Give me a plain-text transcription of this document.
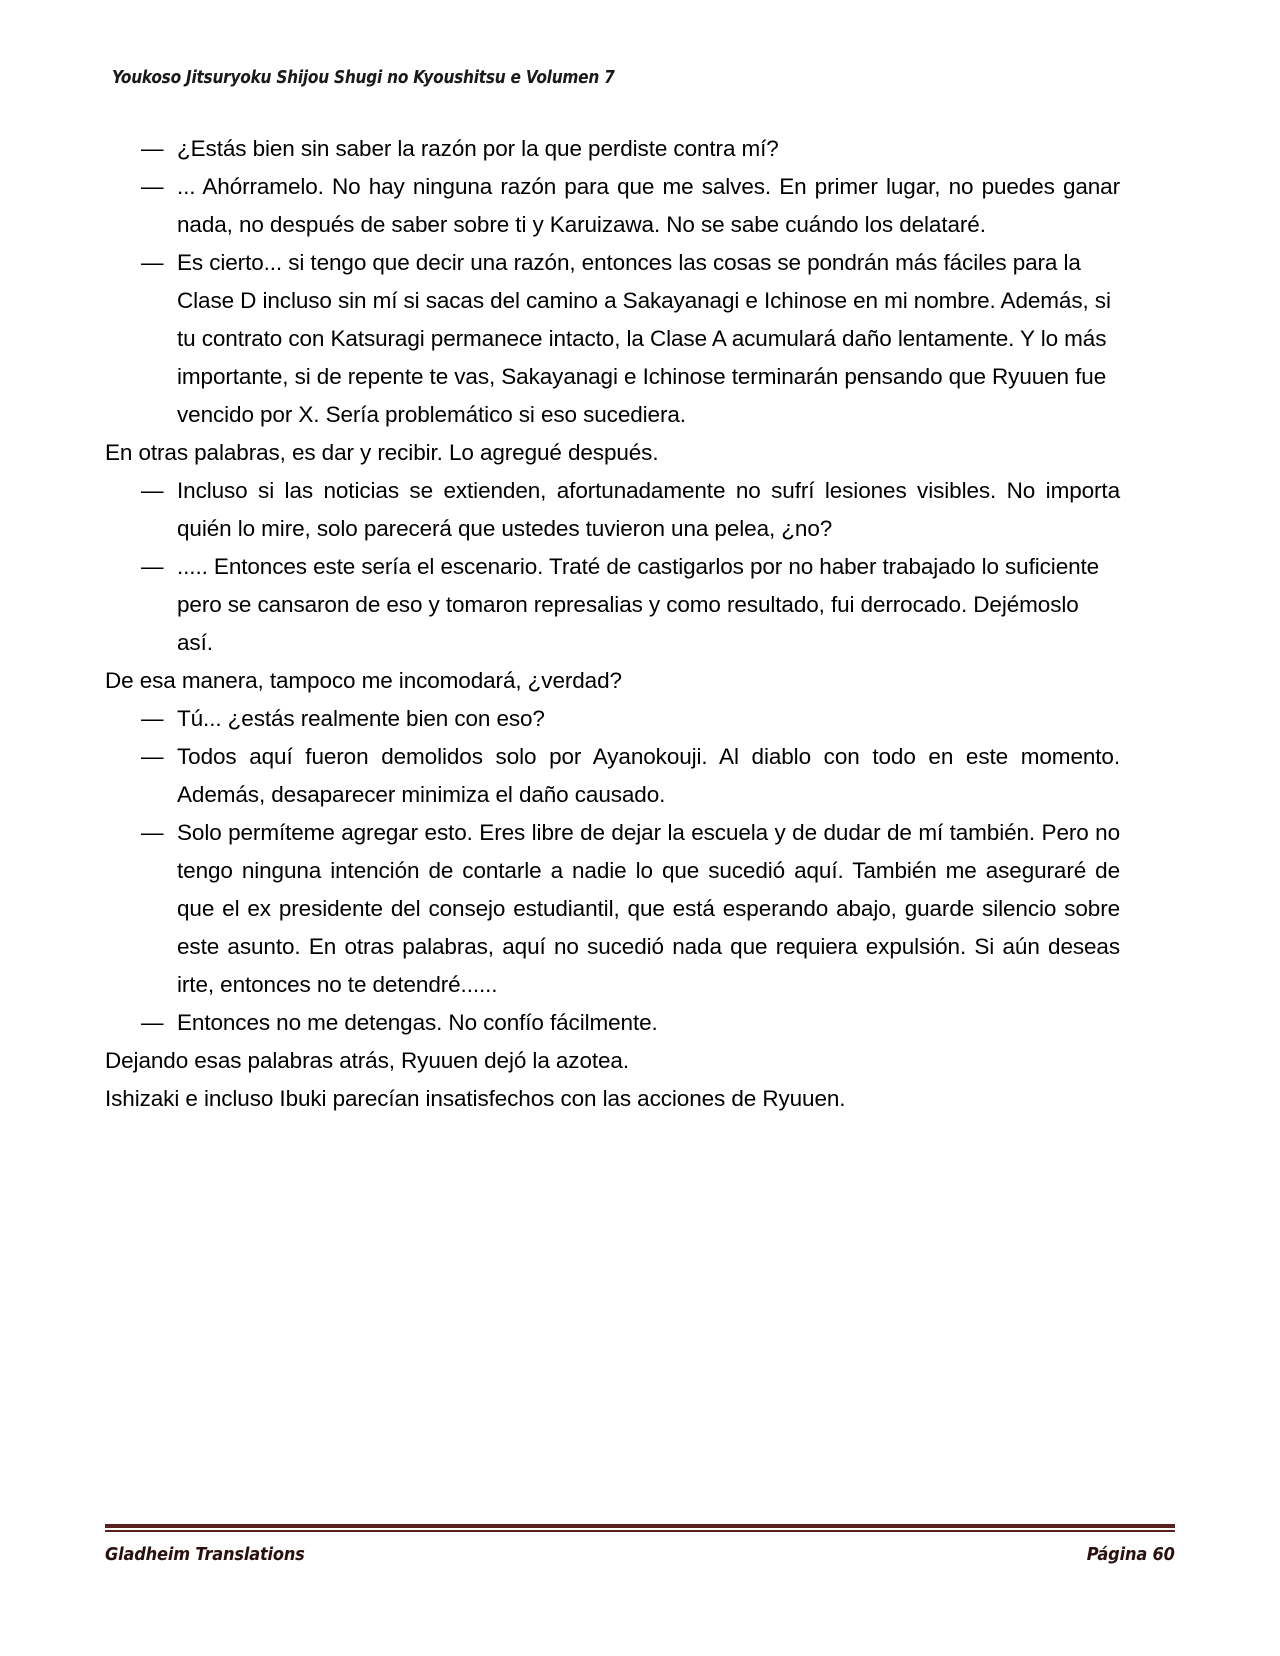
Youkoso Jitsuryoku Shijou Shugi no Kyoushitsu e Volumen 7
— ¿Estás bien sin saber la razón por la que perdiste contra mí?
— ... Ahórramelo. No hay ninguna razón para que me salves. En primer lugar, no puedes ganar nada, no después de saber sobre ti y Karuizawa. No se sabe cuándo los delataré.
— Es cierto... si tengo que decir una razón, entonces las cosas se pondrán más fáciles para la Clase D incluso sin mí si sacas del camino a Sakayanagi e Ichinose en mi nombre. Además, si tu contrato con Katsuragi permanece intacto, la Clase A acumulará daño lentamente. Y lo más importante, si de repente te vas, Sakayanagi e Ichinose terminarán pensando que Ryuuen fue vencido por X. Sería problemático si eso sucediera.

En otras palabras, es dar y recibir. Lo agregué después.

— Incluso si las noticias se extienden, afortunadamente no sufrí lesiones visibles. No importa quién lo mire, solo parecerá que ustedes tuvieron una pelea, ¿no?
— ..... Entonces este sería el escenario. Traté de castigarlos por no haber trabajado lo suficiente pero se cansaron de eso y tomaron represalias y como resultado, fui derrocado. Dejémoslo así.

De esa manera, tampoco me incomodará, ¿verdad?

— Tú... ¿estás realmente bien con eso?
— Todos aquí fueron demolidos solo por Ayanokouji. Al diablo con todo en este momento. Además, desaparecer minimiza el daño causado.
— Solo permíteme agregar esto. Eres libre de dejar la escuela y de dudar de mí también. Pero no tengo ninguna intención de contarle a nadie lo que sucedió aquí. También me aseguraré de que el ex presidente del consejo estudiantil, que está esperando abajo, guarde silencio sobre este asunto. En otras palabras, aquí no sucedió nada que requiera expulsión. Si aún deseas irte, entonces no te detendré......
— Entonces no me detengas. No confío fácilmente.

Dejando esas palabras atrás, Ryuuen dejó la azotea.

Ishizaki e incluso Ibuki parecían insatisfechos con las acciones de Ryuuen.

Gladheim Translations	Página 60
